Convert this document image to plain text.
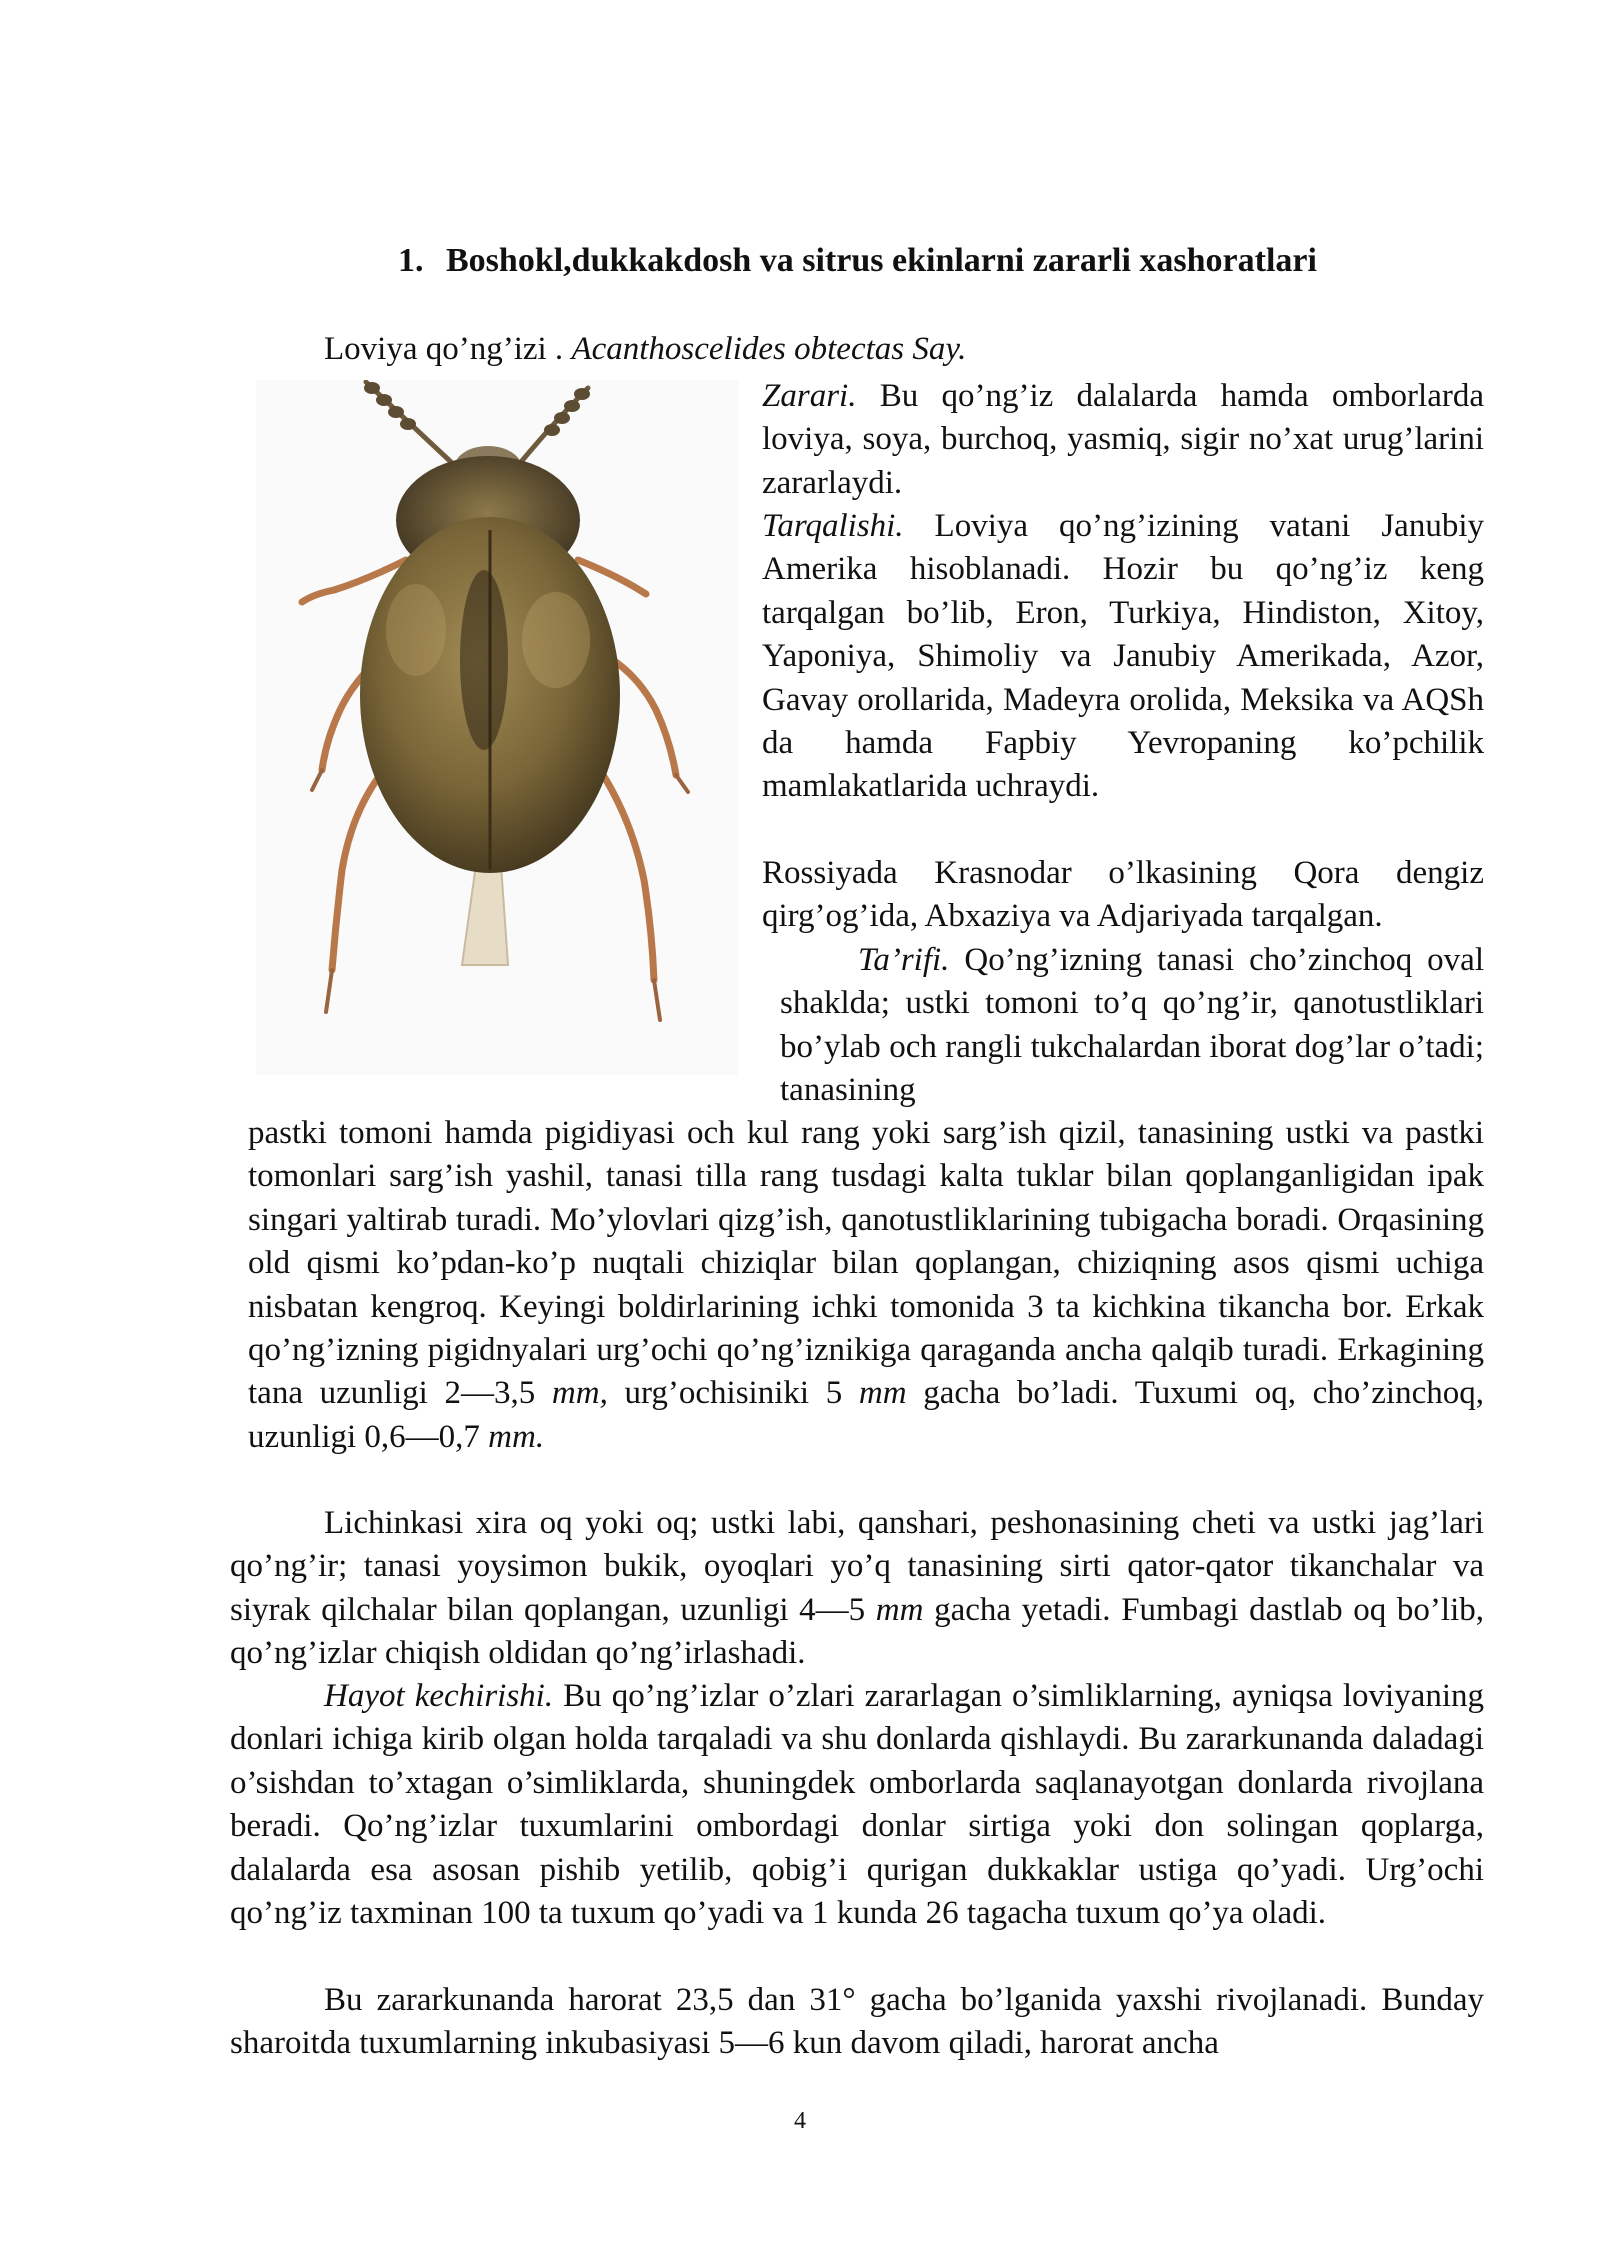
1. Boshokl,dukkakdosh va sitrus ekinlarni zararli xashoratlari
Loviya qo’ng’izi . Acanthoscelides obtectas Say.

Zarari. Bu qo’ng’iz dalalarda hamda omborlarda loviya, soya, burchoq, yasmiq, sigir no’xat urug’larini zararlaydi.

Tarqalishi. Loviya qo’ng’izining vatani Janubiy Amerika hisoblanadi. Hozir bu qo’ng’iz keng tarqalgan bo’lib, Eron, Turkiya, Hindiston, Xitoy, Yaponiya, Shimoliy va Janubiy Amerikada, Azor, Gavay orollarida, Madeyra orolida, Meksika va AQSh da hamda Fapbiy Yevropaning ko’pchilik mamlakatlarida uchraydi.

Rossiyada Krasnodar o’lkasining Qora dengiz qirg’og’ida, Abxaziya va Adjariyada tarqalgan.

Ta’rifi. Qo’ng’izning tanasi cho’zinchoq oval shaklda; ustki tomoni to’q qo’ng’ir, qanotustliklari bo’ylab och rangli tukchalardan iborat dog’lar o’tadi; tanasining

pastki tomoni hamda pigidiyasi och kul rang yoki sarg’ish qizil, tanasining ustki va pastki tomonlari sarg’ish yashil, tanasi tilla rang tusdagi kalta tuklar bilan qoplanganligidan ipak singari yaltirab turadi. Mo’ylovlari qizg’ish, qanotustliklarining tubigacha boradi. Orqasining old qismi ko’pdan-ko’p nuqtali chiziqlar bilan qoplangan, chiziqning asos qismi uchiga nisbatan kengroq. Keyingi boldirlarining ichki tomonida 3 ta kichkina tikancha bor. Erkak qo’ng’izning pigidnyalari urg’ochi qo’ng’iznikiga qaraganda ancha qalqib turadi. Erkagining tana uzunligi 2—3,5 mm, urg’ochisiniki 5 mm gacha bo’ladi. Tuxumi oq, cho’zinchoq, uzunligi 0,6—0,7 mm.

Lichinkasi xira oq yoki oq; ustki labi, qanshari, peshonasining cheti va ustki jag’lari qo’ng’ir; tanasi yoysimon bukik, oyoqlari yo’q tanasining sirti qator-qator tikanchalar va siyrak qilchalar bilan qoplangan, uzunligi 4—5 mm gacha yetadi. Fumbagi dastlab oq bo’lib, qo’ng’izlar chiqish oldidan qo’ng’irlashadi.

Hayot kechirishi. Bu qo’ng’izlar o’zlari zararlagan o’simliklarning, ayniqsa loviyaning donlari ichiga kirib olgan holda tarqaladi va shu donlarda qishlaydi. Bu zararkunanda daladagi o’sishdan to’xtagan o’simliklarda, shuningdek omborlarda saqlanayotgan donlarda rivojlana beradi. Qo’ng’izlar tuxumlarini ombordagi donlar sirtiga yoki don solingan qoplarga, dalalarda esa asosan pishib yetilib, qobig’i qurigan dukkaklar ustiga qo’yadi. Urg’ochi qo’ng’iz taxminan 100 ta tuxum qo’yadi va 1 kunda 26 tagacha tuxum qo’ya oladi.

Bu zararkunanda harorat 23,5 dan 31° gacha bo’lganida yaxshi rivojlanadi. Bunday sharoitda tuxumlarning inkubasiyasi 5—6 kun davom qiladi, harorat ancha

4
